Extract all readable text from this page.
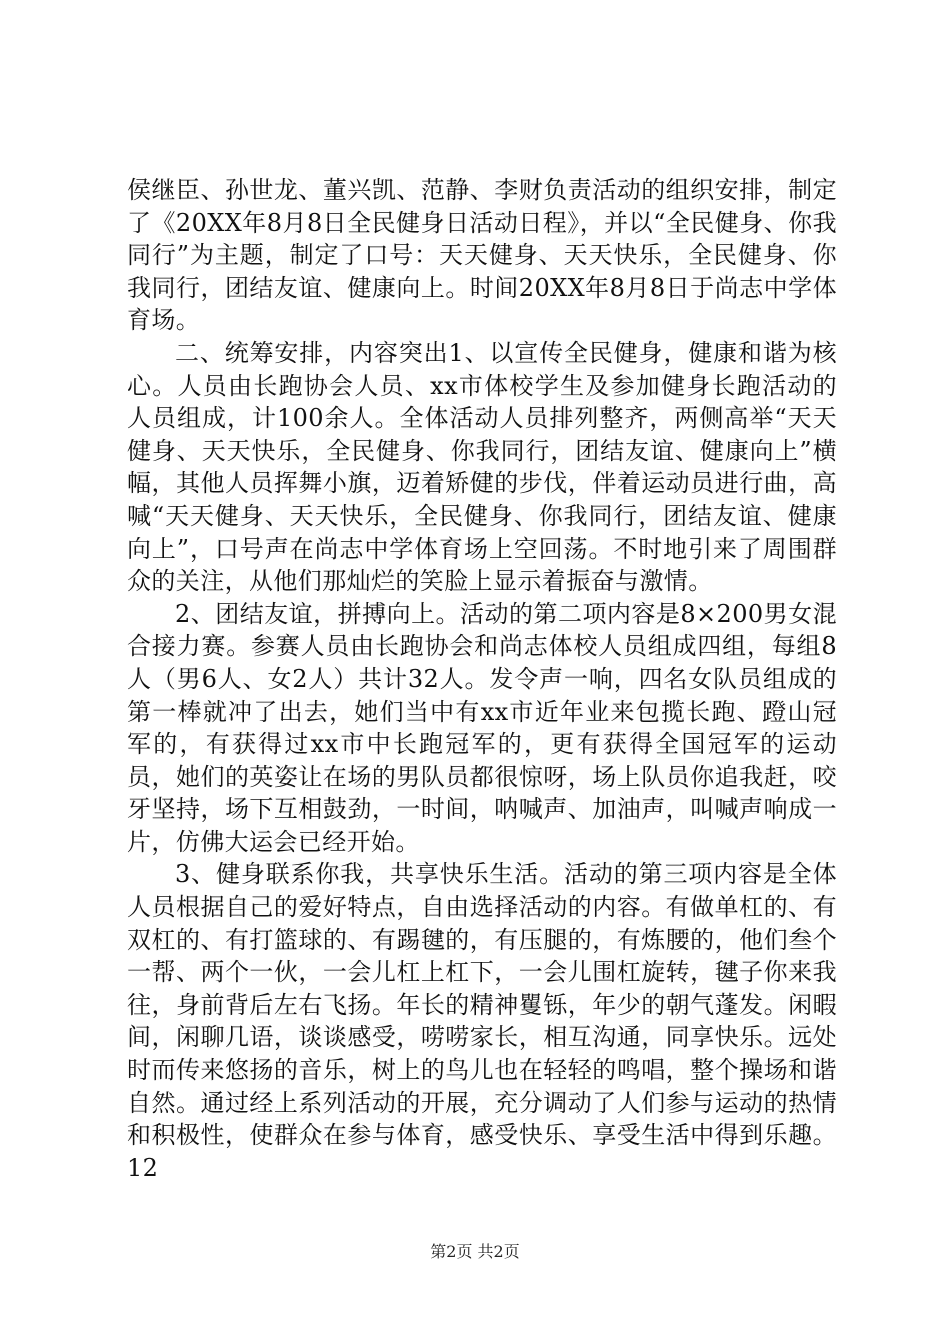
侯继臣、孙世龙、董兴凯、范静、李财负责活动的组织安排，制定了《20XX年8月8日全民健身日活动日程》，并以“全民健身、你我同行”为主题，制定了口号：天天健身、天天快乐，全民健身、你我同行，团结友谊、健康向上。时间20XX年8月8日于尚志中学体育场。

二、统筹安排，内容突出1、以宣传全民健身，健康和谐为核心。人员由长跑协会人员、xx市体校学生及参加健身长跑活动的人员组成，计100余人。全体活动人员排列整齐，两侧高举“天天健身、天天快乐，全民健身、你我同行，团结友谊、健康向上”横幅，其他人员挥舞小旗，迈着矫健的步伐，伴着运动员进行曲，高喊“天天健身、天天快乐，全民健身、你我同行，团结友谊、健康向上”，口号声在尚志中学体育场上空回荡。不时地引来了周围群众的关注，从他们那灿烂的笑脸上显示着振奋与激情。

2、团结友谊，拼搏向上。活动的第二项内容是8×200男女混合接力赛。参赛人员由长跑协会和尚志体校人员组成四组，每组8人（男6人、女2人）共计32人。发令声一响，四名女队员组成的第一棒就冲了出去，她们当中有xx市近年业来包揽长跑、蹬山冠军的，有获得过xx市中长跑冠军的，更有获得全国冠军的运动员，她们的英姿让在场的男队员都很惊呀，场上队员你追我赶，咬牙坚持，场下互相鼓劲，一时间，呐喊声、加油声，叫喊声响成一片，仿佛大运会已经开始。

3、健身联系你我，共享快乐生活。活动的第三项内容是全体人员根据自己的爱好特点，自由选择活动的内容。有做单杠的、有双杠的、有打篮球的、有踢毽的，有压腿的，有炼腰的，他们叁个一帮、两个一伙，一会儿杠上杠下，一会儿围杠旋转，毽子你来我往，身前背后左右飞扬。年长的精神矍铄，年少的朝气蓬发。闲暇间，闲聊几语，谈谈感受，唠唠家长，相互沟通，同享快乐。远处时而传来悠扬的音乐，树上的鸟儿也在轻轻的鸣唱，整个操场和谐自然。通过经上系列活动的开展，充分调动了人们参与运动的热情和积极性，使群众在参与体育，感受快乐、享受生活中得到乐趣。12

第2页 共2页
